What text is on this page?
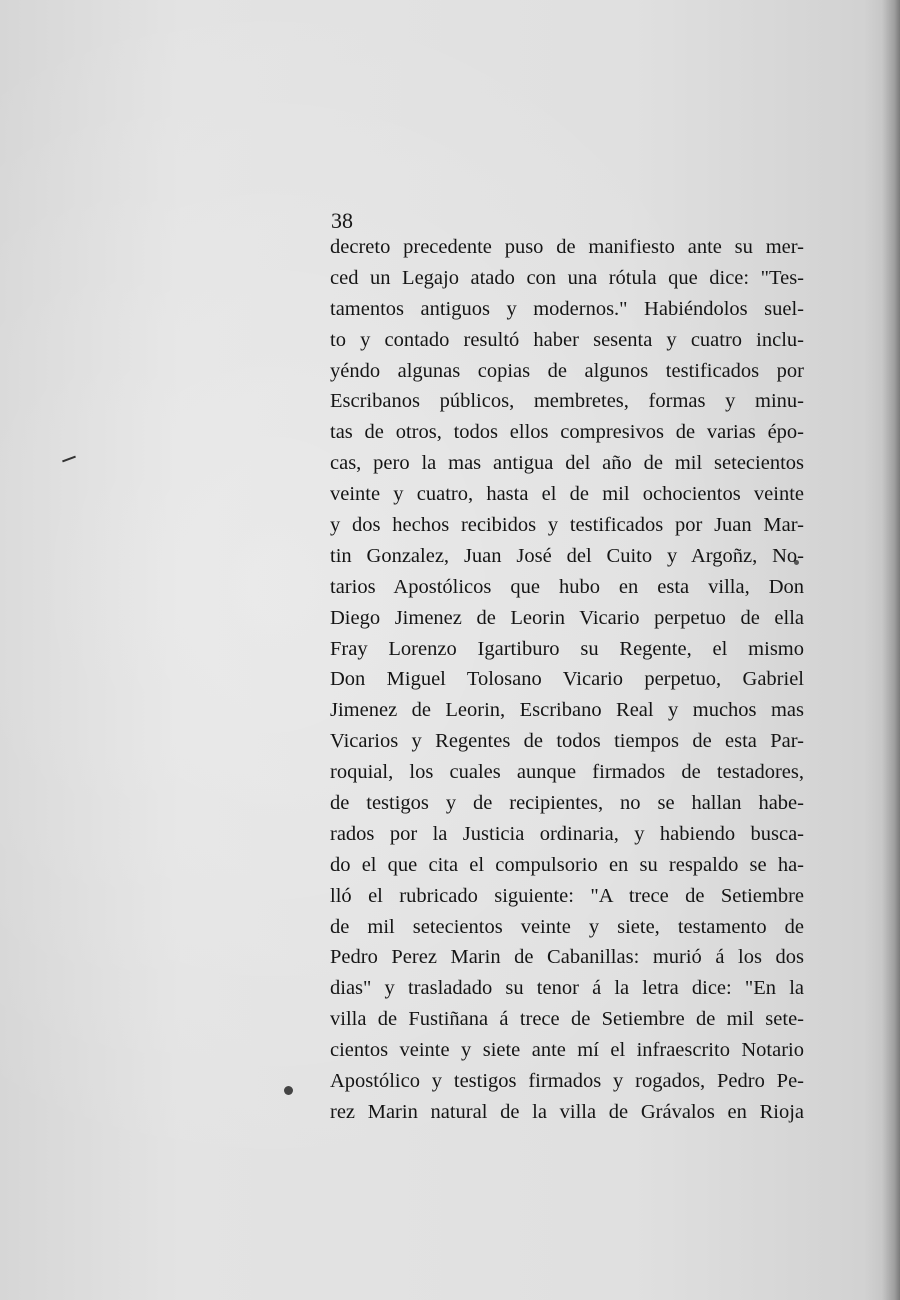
38
decreto precedente puso de manifiesto ante su mer-
ced un Legajo atado con una rótula que dice: "Tes-
tamentos antiguos y modernos." Habiéndolos suel-
to y contado resultó haber sesenta y cuatro inclu-
yéndo algunas copias de algunos testificados por
Escribanos públicos, membretes, formas y minu-
tas de otros, todos ellos compresivos de varias épo-
cas, pero la mas antigua del año de mil setecientos
veinte y cuatro, hasta el de mil ochocientos veinte
y dos hechos recibidos y testificados por Juan Mar-
tin Gonzalez, Juan José del Cuito y Argoñz, No-
tarios Apostólicos que hubo en esta villa, Don
Diego Jimenez de Leorin Vicario perpetuo de ella
Fray Lorenzo Igartiburo su Regente, el mismo
Don Miguel Tolosano Vicario perpetuo, Gabriel
Jimenez de Leorin, Escribano Real y muchos mas
Vicarios y Regentes de todos tiempos de esta Par-
roquial, los cuales aunque firmados de testadores,
de testigos y de recipientes, no se hallan habe-
rados por la Justicia ordinaria, y habiendo busca-
do el que cita el compulsorio en su respaldo se ha-
lló el rubricado siguiente: "A trece de Setiembre
de mil setecientos veinte y siete, testamento de
Pedro Perez Marin de Cabanillas: murió á los dos
dias" y trasladado su tenor á la letra dice: "En la
villa de Fustiñana á trece de Setiembre de mil sete-
cientos veinte y siete ante mí el infraescrito Notario
Apostólico y testigos firmados y rogados, Pedro Pe-
rez Marin natural de la villa de Grávalos en Rioja
